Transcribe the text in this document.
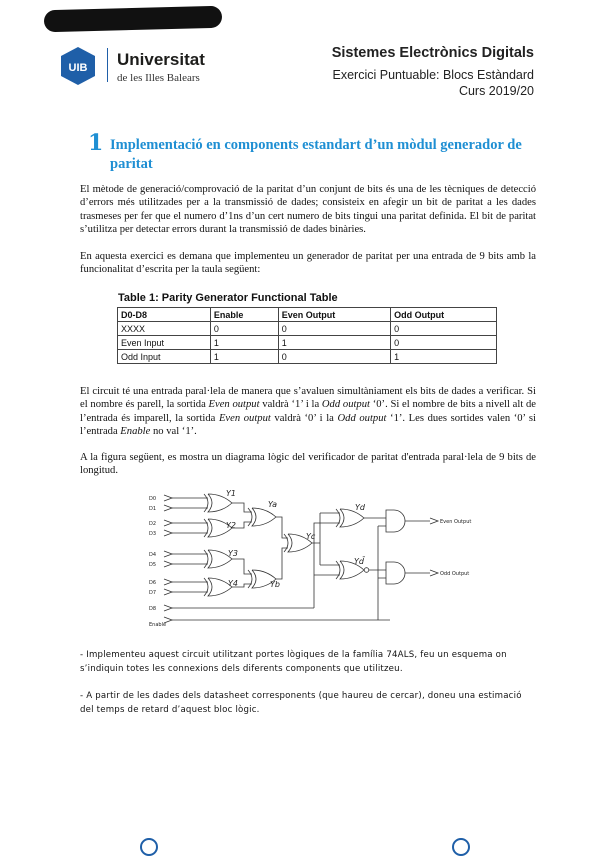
UIB Universitat
de les Illes Balears
Sistemes Electrònics Digitals
Exercici Puntuable: Blocs Estàndard
Curs 2019/20
1 Implementació en components estandart d’un mòdul generador de paritat

El mètode de generació/comprovació de la paritat d’un conjunt de bits és una de les tècniques de detecció d’errors més utilitzades per a la transmissió de dades; consisteix en afegir un bit de paritat a les dades trasmeses per fer que el numero d’1ns d’un cert numero de bits tingui una paritat definida. El bit de paritat s’utilitza per detectar errors durant la transmissió de dades binàries.

En aquesta exercici es demana que implementeu un generador de paritat per una entrada de 9 bits amb la funcionalitat d’escrita per la taula següent:

Table 1: Parity Generator Functional Table
D0-D8	Enable	Even Output	Odd Output
XXXX	0	0	0
Even Input	1	1	0
Odd Input	1	0	1

El circuit té una entrada paral·lela de manera que s’avaluen simultàniament els bits de dades a verificar. Si el nombre és parell, la sortida Even output valdrà ‘1’ i la Odd output ‘0’. Si el nombre de bits a nivell alt de l’entrada és imparell, la sortida Even output valdrà ‘0’ i la Odd output ‘1’. Les dues sortides valen ‘0’ si l’entrada Enable no val ‘1’.

A la figura següent, es mostra un diagrama lògic del verificador de paritat d'entrada paral·lela de 9 bits de longitud.

D0
D1
D2
D3
D4
D5
D6
D7
D8
Enable
Even Output
Odd Output
Y1
Y2
Y3
Y4
Ya
Yb
Yc
Yd
Yd̄
- Implementeu aquest circuit utilitzant portes lògiques de la família 74ALS, feu un esquema on s’indiquin totes les connexions dels diferents components que utilitzeu.
- A partir de les dades dels datasheet corresponents (que haureu de cercar), doneu una estimació del temps de retard d’aquest bloc lògic.
